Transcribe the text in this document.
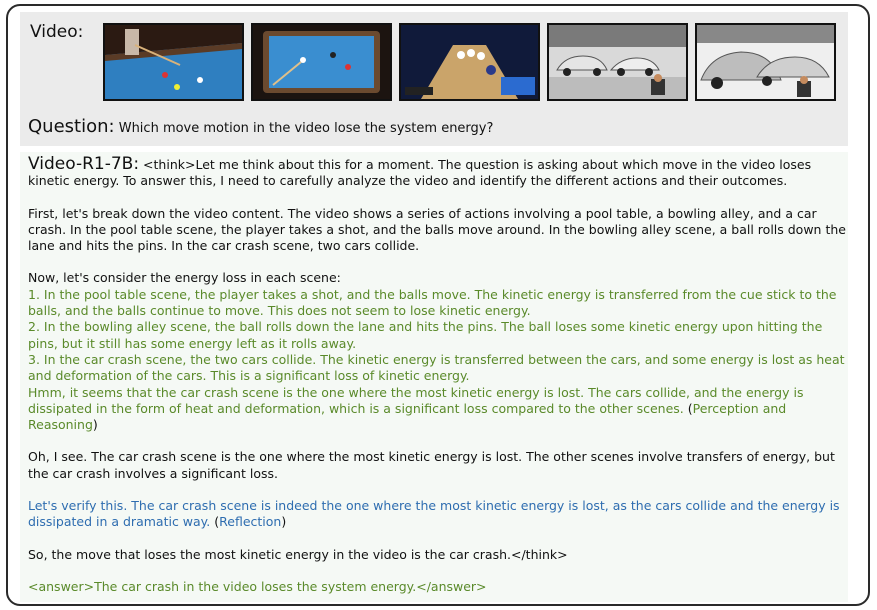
Video:
Question: Which move motion in the video lose the system energy?

Video-R1-7B: <think>Let me think about this for a moment. The question is asking about which move in the video loses kinetic energy. To answer this, I need to carefully analyze the video and identify the different actions and their outcomes.

First, let's break down the video content. The video shows a series of actions involving a pool table, a bowling alley, and a car crash. In the pool table scene, the player takes a shot, and the balls move around. In the bowling alley scene, a ball rolls down the lane and hits the pins. In the car crash scene, two cars collide.

Now, let's consider the energy loss in each scene:

1. In the pool table scene, the player takes a shot, and the balls move. The kinetic energy is transferred from the cue stick to the balls, and the balls continue to move. This does not seem to lose kinetic energy.

2. In the bowling alley scene, the ball rolls down the lane and hits the pins. The ball loses some kinetic energy upon hitting the pins, but it still has some energy left as it rolls away.

3. In the car crash scene, the two cars collide. The kinetic energy is transferred between the cars, and some energy is lost as heat and deformation of the cars. This is a significant loss of kinetic energy.

Hmm, it seems that the car crash scene is the one where the most kinetic energy is lost. The cars collide, and the energy is dissipated in the form of heat and deformation, which is a significant loss compared to the other scenes. (Perception and Reasoning)

Oh, I see. The car crash scene is the one where the most kinetic energy is lost. The other scenes involve transfers of energy, but the car crash involves a significant loss.

Let's verify this. The car crash scene is indeed the one where the most kinetic energy is lost, as the cars collide and the energy is dissipated in a dramatic way. (Reflection)

So, the move that loses the most kinetic energy in the video is the car crash.</think>

<answer>The car crash in the video loses the system energy.</answer>
